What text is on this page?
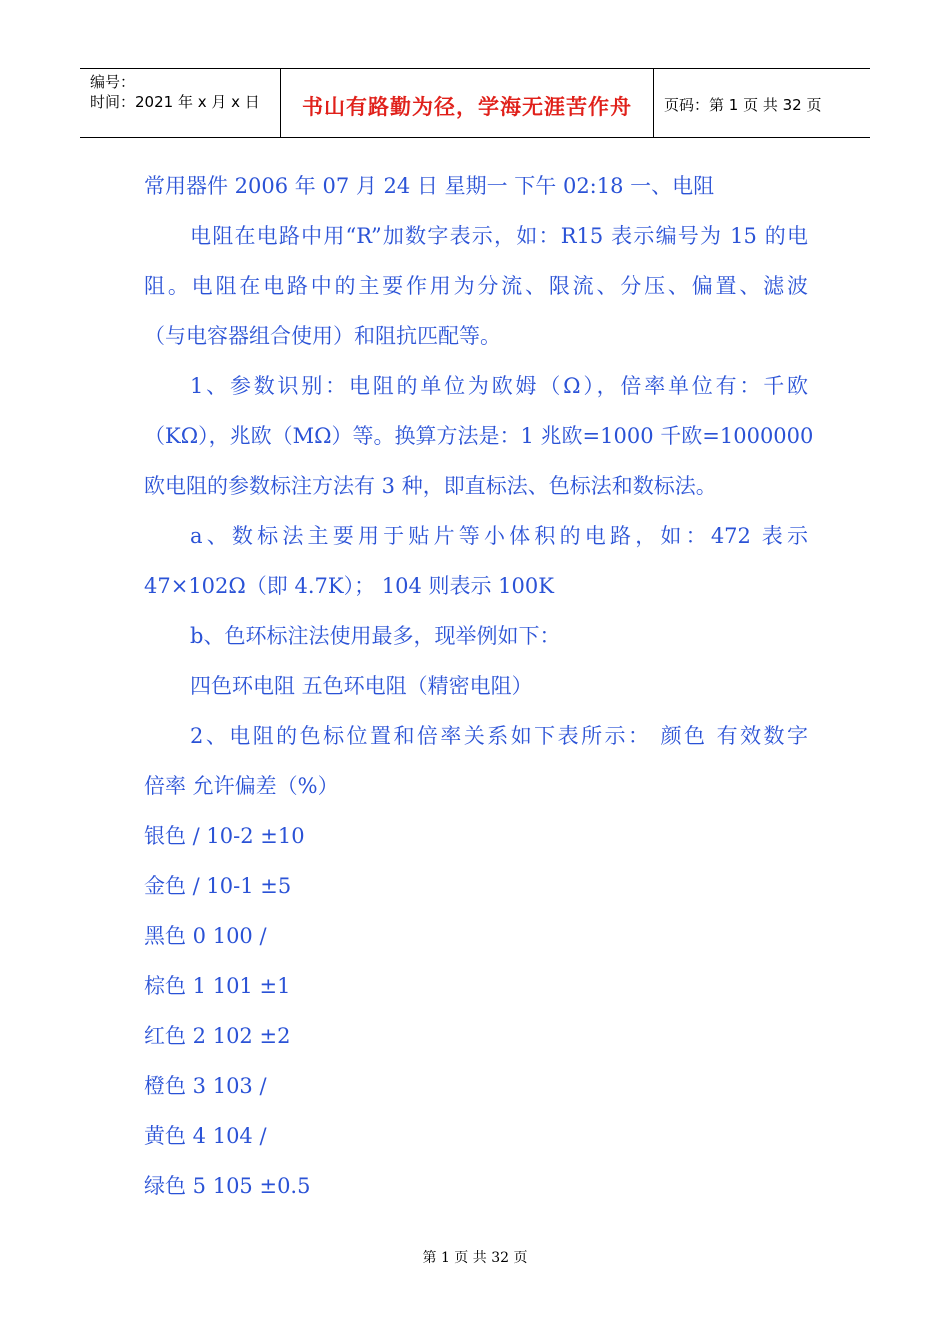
编号：
时间：2021 年 x 月 x 日	书山有路勤为径，学海无涯苦作舟	页码：第 1 页 共 32 页
常用器件 2006 年 07 月 24 日 星期一 下午 02:18 一、电阻
电阻在电路中用“R”加数字表示，如：R15 表示编号为 15 的电
阻。电阻在电路中的主要作用为分流、限流、分压、偏置、滤波
（与电容器组合使用）和阻抗匹配等。
1、参数识别：电阻的单位为欧姆（Ω），倍率单位有：千欧
（KΩ），兆欧（MΩ）等。换算方法是：1 兆欧=1000 千欧=1000000
欧电阻的参数标注方法有 3 种，即直标法、色标法和数标法。
a、数标法主要用于贴片等小体积的电路，如：472 表示
47×102Ω（即 4.7K）； 104 则表示 100K
b、色环标注法使用最多，现举例如下：
四色环电阻 五色环电阻（精密电阻）
2、电阻的色标位置和倍率关系如下表所示： 颜色 有效数字
倍率 允许偏差（%）
银色 / 10-2 ±10
金色 / 10-1 ±5
黑色 0 100 /
棕色 1 101 ±1
红色 2 102 ±2
橙色 3 103 /
黄色 4 104 /
绿色 5 105 ±0.5
第 1 页 共 32 页
